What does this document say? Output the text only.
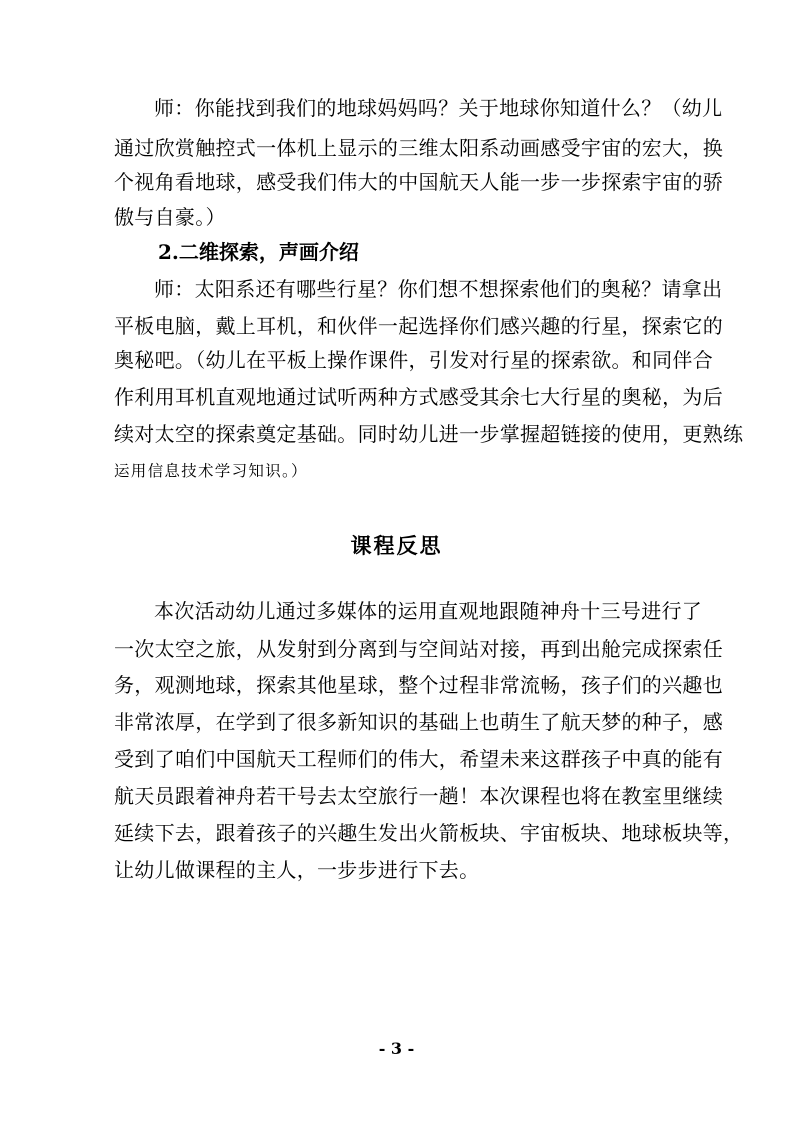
师：你能找到我们的地球妈妈吗？关于地球你知道什么？（幼儿
通过欣赏触控式一体机上显示的三维太阳系动画感受宇宙的宏大，换
个视角看地球，感受我们伟大的中国航天人能一步一步探索宇宙的骄
傲与自豪。）
2.二维探索，声画介绍
师：太阳系还有哪些行星？你们想不想探索他们的奥秘？请拿出
平板电脑，戴上耳机，和伙伴一起选择你们感兴趣的行星，探索它的
奥秘吧。（幼儿在平板上操作课件，引发对行星的探索欲。和同伴合
作利用耳机直观地通过试听两种方式感受其余七大行星的奥秘，为后
续对太空的探索奠定基础。同时幼儿进一步掌握超链接的使用，更熟练
运用信息技术学习知识。）
课程反思
本次活动幼儿通过多媒体的运用直观地跟随神舟十三号进行了
一次太空之旅，从发射到分离到与空间站对接，再到出舱完成探索任
务，观测地球，探索其他星球，整个过程非常流畅，孩子们的兴趣也
非常浓厚，在学到了很多新知识的基础上也萌生了航天梦的种子，感
受到了咱们中国航天工程师们的伟大，希望未来这群孩子中真的能有
航天员跟着神舟若干号去太空旅行一趟！本次课程也将在教室里继续
延续下去，跟着孩子的兴趣生发出火箭板块、宇宙板块、地球板块等，
让幼儿做课程的主人，一步步进行下去。
- 3 -
